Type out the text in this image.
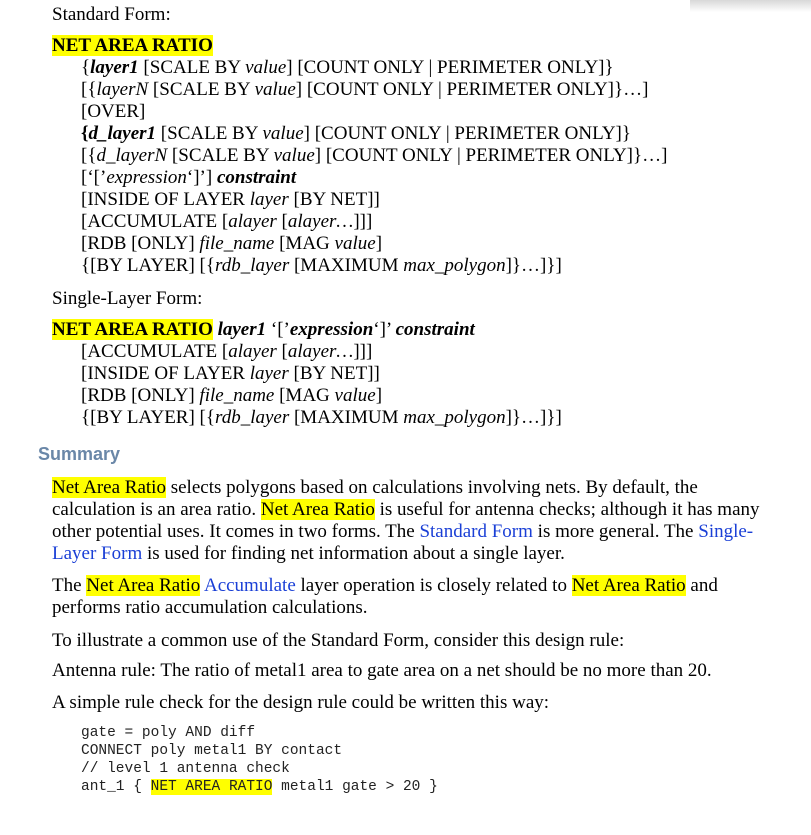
Standard Form:
NET AREA RATIO
{layer1 [SCALE BY value] [COUNT ONLY | PERIMETER ONLY]}
[{layerN [SCALE BY value] [COUNT ONLY | PERIMETER ONLY]}…]
[OVER]
{d_layer1 [SCALE BY value] [COUNT ONLY | PERIMETER ONLY]}
[{d_layerN [SCALE BY value] [COUNT ONLY | PERIMETER ONLY]}…]
[‘[’expression‘]’] constraint
[INSIDE OF LAYER layer [BY NET]]
[ACCUMULATE [alayer [alayer…]]]
[RDB [ONLY] file_name [MAG value]
{[BY LAYER] [{rdb_layer [MAXIMUM max_polygon]}…]}]
Single-Layer Form:
NET AREA RATIO layer1 ‘[’expression‘]’ constraint
[ACCUMULATE [alayer [alayer…]]]
[INSIDE OF LAYER layer [BY NET]]
[RDB [ONLY] file_name [MAG value]
{[BY LAYER] [{rdb_layer [MAXIMUM max_polygon]}…]}]
Summary
Net Area Ratio selects polygons based on calculations involving nets. By default, the calculation is an area ratio. Net Area Ratio is useful for antenna checks; although it has many other potential uses. It comes in two forms. The Standard Form is more general. The Single-Layer Form is used for finding net information about a single layer.
The Net Area Ratio Accumulate layer operation is closely related to Net Area Ratio and performs ratio accumulation calculations.
To illustrate a common use of the Standard Form, consider this design rule:
Antenna rule: The ratio of metal1 area to gate area on a net should be no more than 20.
A simple rule check for the design rule could be written this way:
gate = poly AND diff
CONNECT poly metal1 BY contact
// level 1 antenna check
ant_1 { NET AREA RATIO metal1 gate > 20 }
